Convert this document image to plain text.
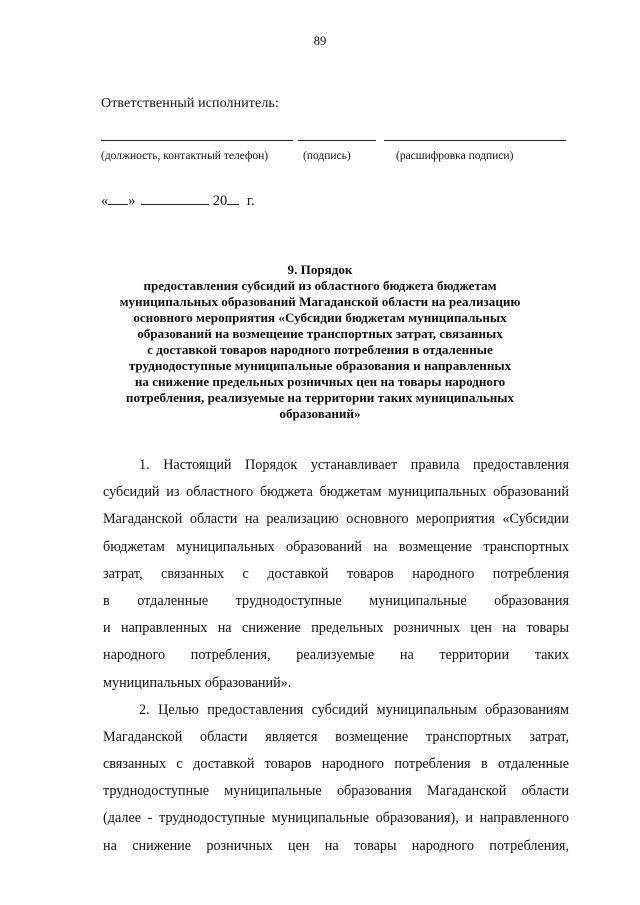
89
Ответственный исполнитель:
(должность, контактный телефон)	(подпись)	(расшифровка подписи)
« »	20 г.
9. Порядок
предоставления субсидий из областного бюджета бюджетам
муниципальных образований Магаданской области на реализацию
основного мероприятия «Субсидии бюджетам муниципальных
образований на возмещение транспортных затрат, связанных
с доставкой товаров народного потребления в отдаленные
труднодоступные муниципальные образования и направленных
на снижение предельных розничных цен на товары народного
потребления, реализуемые на территории таких муниципальных
образований»
1. Настоящий Порядок устанавливает правила предоставления
субсидий из областного бюджета бюджетам муниципальных образований
Магаданской области на реализацию основного мероприятия «Субсидии
бюджетам муниципальных образований на возмещение транспортных
затрат, связанных с доставкой товаров народного потребления
в отдаленные труднодоступные муниципальные образования
и направленных на снижение предельных розничных цен на товары
народного потребления, реализуемые на территории таких
муниципальных образований».
2. Целью предоставления субсидий муниципальным образованиям
Магаданской области является возмещение транспортных затрат,
связанных с доставкой товаров народного потребления в отдаленные
труднодоступные муниципальные образования Магаданской области
(далее - труднодоступные муниципальные образования), и направленного
на снижение розничных цен на товары народного потребления,
